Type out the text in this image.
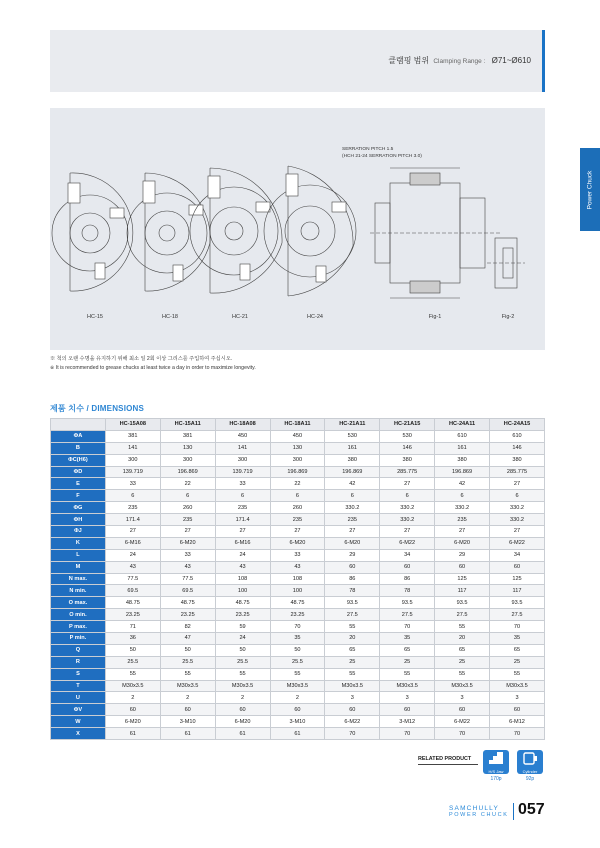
클램핑 범위 Clamping Range : Ø71~Ø610
Power Chuck
HC-15	HC-18	HC-21	HC-24	Fig-1	Fig-2
SERRATION PITCH 1.5
(HCH 21-24 SERRATION PITCH 3.0)
※ 척의 오랜 수명을 유지하기 위해 최소 일 2회 이상 그리스를 주입하여 주십시오.
※ It is recommended to grease chucks at least twice a day in order to maximize longevity.
제품 치수 / DIMENSIONS
	HC-15A08	HC-15A11	HC-18A08	HC-18A11	HC-21A11	HC-21A15	HC-24A11	HC-24A15
ΦA	381	381	450	450	530	530	610	610
B	141	130	141	130	161	146	161	146
ΦC(H6)	300	300	300	300	380	380	380	380
ΦD	139.719	196.869	139.719	196.869	196.869	285.775	196.869	285.775
E	33	22	33	22	42	27	42	27
F	6	6	6	6	6	6	6	6
ΦG	235	260	235	260	330.2	330.2	330.2	330.2
ΦH	171.4	235	171.4	235	235	330.2	235	330.2
ΦJ	27	27	27	27	27	27	27	27
K	6-M16	6-M20	6-M16	6-M20	6-M20	6-M22	6-M20	6-M22
L	24	33	24	33	29	34	29	34
M	43	43	43	43	60	60	60	60
N max.	77.5	77.5	108	108	86	86	125	125
N min.	69.5	69.5	100	100	78	78	117	117
O max.	48.75	48.75	48.75	48.75	93.5	93.5	93.5	93.5
O min.	23.25	23.25	23.25	23.25	27.5	27.5	27.5	27.5
P max.	71	82	59	70	55	70	55	70
P min.	36	47	24	35	20	35	20	35
Q	50	50	50	50	65	65	65	65
R	25.5	25.5	25.5	25.5	25	25	25	25
S	55	55	55	55	55	55	55	55
T	M30x3.5	M30x3.5	M30x3.5	M30x3.5	M30x3.5	M30x3.5	M30x3.5	M30x3.5
U	2	2	2	2	3	3	3	3
ΦV	60	60	60	60	60	60	60	60
W	6-M20	3-M10	6-M20	3-M10	6-M22	3-M12	6-M22	6-M12
X	61	61	61	61	70	70	70	70
RELATED PRODUCT
H/S Jaw
170p
Cylinder
92p
SAMCHULLY
POWER CHUCK 057
